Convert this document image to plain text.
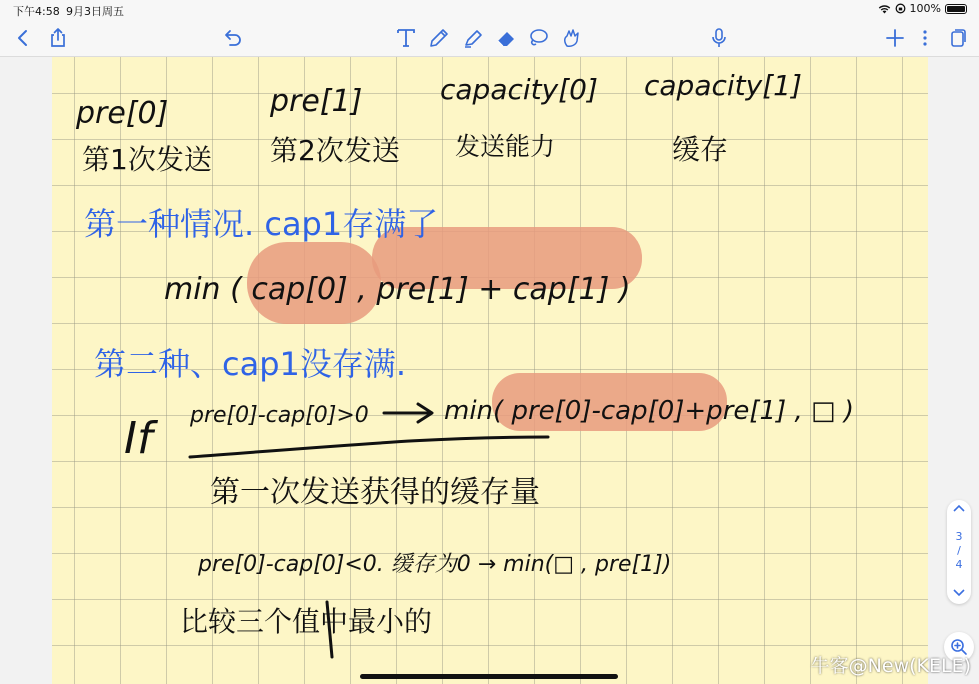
下午4:58 9月3日周五	100%
pre[0]	pre[1]	capacity[0] capacity[1]
第1次发送 第2次发送 发送能力	缓存
第一种情况. cap1存满了
min ( cap[0] , pre[1] + cap[1] )
第二种、cap1没存满.
If pre[0]-cap[0]>0	min( pre[0]-cap[0]+pre[1] , □ )
第一次发送获得的缓存量
pre[0]-cap[0]<0. 缓存为0 → min(□ , pre[1])
比较三个值中最小的
3
/
4
牛客@New(KELE)
